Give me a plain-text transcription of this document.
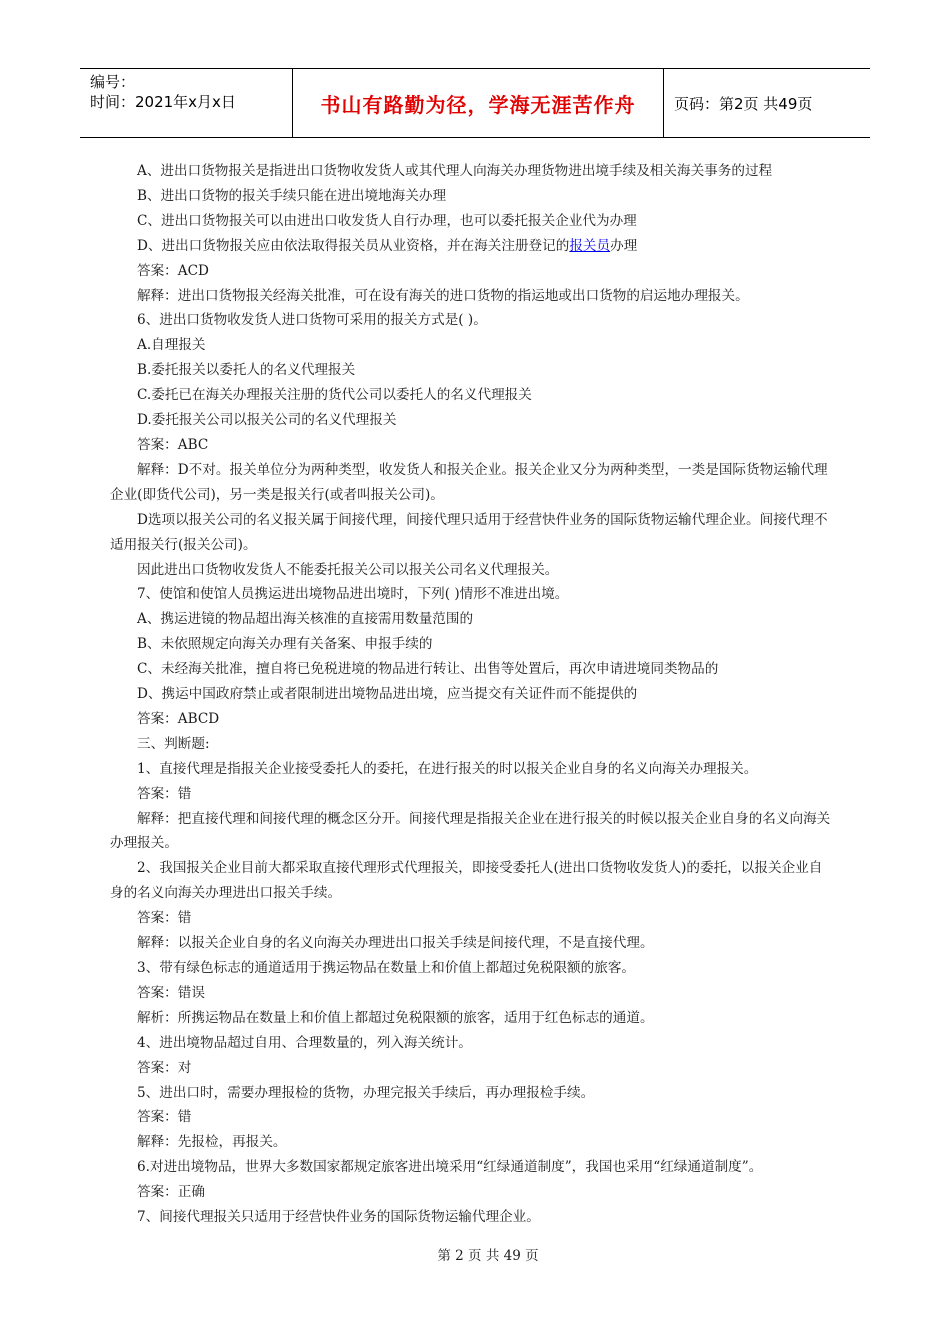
编号：
时间：2021年x月x日	书山有路勤为径，学海无涯苦作舟	页码：第2页 共49页

A、进出口货物报关是指进出口货物收发货人或其代理人向海关办理货物进出境手续及相关海关事务的过程

B、进出口货物的报关手续只能在进出境地海关办理

C、进出口货物报关可以由进出口收发货人自行办理，也可以委托报关企业代为办理

D、进出口货物报关应由依法取得报关员从业资格，并在海关注册登记的报关员办理

答案：ACD

解释：进出口货物报关经海关批准，可在设有海关的进口货物的指运地或出口货物的启运地办理报关。

6、进出口货物收发货人进口货物可采用的报关方式是( )。

A.自理报关

B.委托报关以委托人的名义代理报关

C.委托已在海关办理报关注册的货代公司以委托人的名义代理报关

D.委托报关公司以报关公司的名义代理报关

答案：ABC

解释：D不对。报关单位分为两种类型，收发货人和报关企业。报关企业又分为两种类型，一类是国际货物运输代理企业(即货代公司)，另一类是报关行(或者叫报关公司)。

D选项以报关公司的名义报关属于间接代理，间接代理只适用于经营快件业务的国际货物运输代理企业。间接代理不适用报关行(报关公司)。

因此进出口货物收发货人不能委托报关公司以报关公司名义代理报关。

7、使馆和使馆人员携运进出境物品进出境时，下列( )情形不准进出境。

A、携运进镜的物品超出海关核准的直接需用数量范围的

B、未依照规定向海关办理有关备案、申报手续的

C、未经海关批准，擅自将已免税进境的物品进行转让、出售等处置后，再次申请进境同类物品的

D、携运中国政府禁止或者限制进出境物品进出境，应当提交有关证件而不能提供的

答案：ABCD

三、判断题:

1、直接代理是指报关企业接受委托人的委托，在进行报关的时以报关企业自身的名义向海关办理报关。

答案：错

解释：把直接代理和间接代理的概念区分开。间接代理是指报关企业在进行报关的时候以报关企业自身的名义向海关办理报关。

2、我国报关企业目前大都采取直接代理形式代理报关，即接受委托人(进出口货物收发货人)的委托，以报关企业自身的名义向海关办理进出口报关手续。

答案：错

解释：以报关企业自身的名义向海关办理进出口报关手续是间接代理，不是直接代理。

3、带有绿色标志的通道适用于携运物品在数量上和价值上都超过免税限额的旅客。

答案：错误

解析：所携运物品在数量上和价值上都超过免税限额的旅客，适用于红色标志的通道。

4、进出境物品超过自用、合理数量的，列入海关统计。

答案：对

5、进出口时，需要办理报检的货物，办理完报关手续后，再办理报检手续。

答案：错

解释：先报检，再报关。

6.对进出境物品，世界大多数国家都规定旅客进出境采用“红绿通道制度”，我国也采用“红绿通道制度”。

答案：正确

7、间接代理报关只适用于经营快件业务的国际货物运输代理企业。

第 2 页 共 49 页
